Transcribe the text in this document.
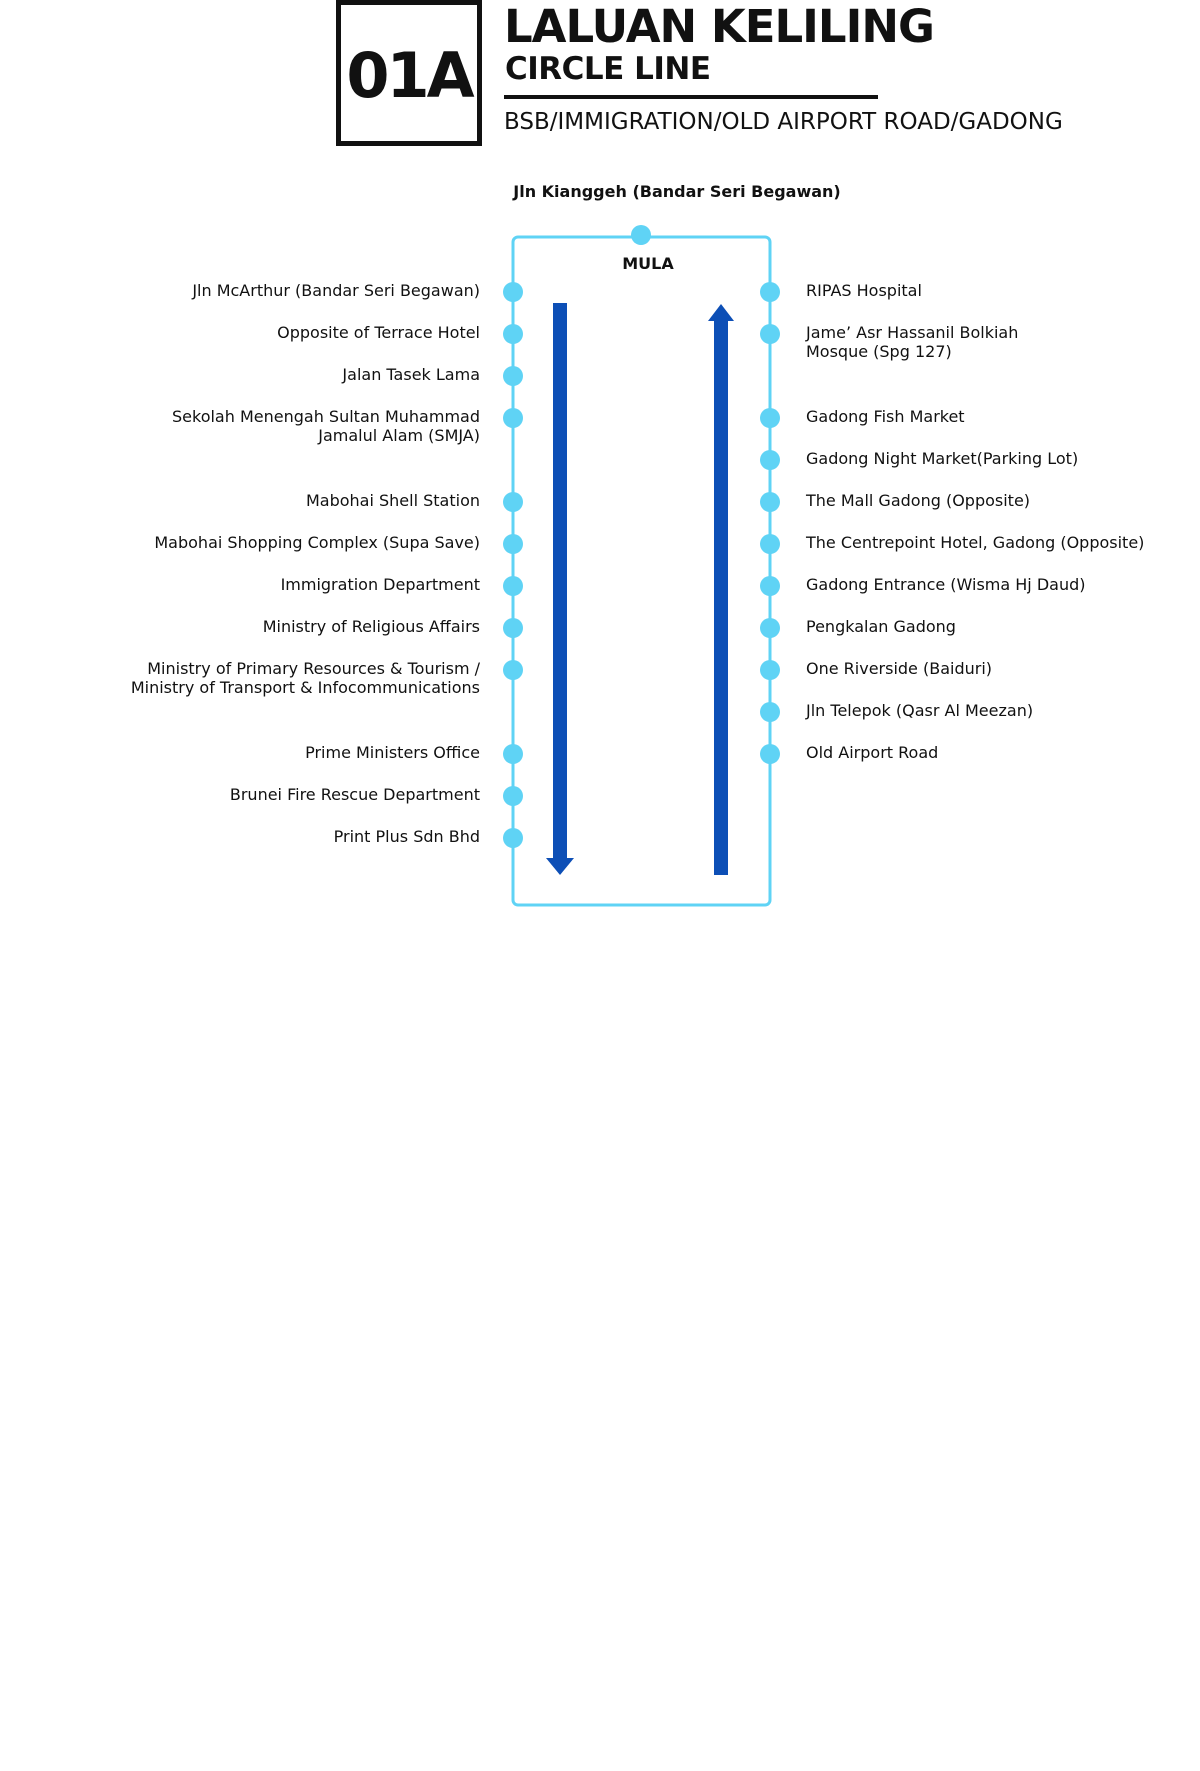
01A
LALUAN KELILING
CIRCLE LINE
BSB/IMMIGRATION/OLD AIRPORT ROAD/GADONG
Jln Kianggeh (Bandar Seri Begawan)
MULA
Jln McArthur (Bandar Seri Begawan)
Opposite of Terrace Hotel
Jalan Tasek Lama
Sekolah Menengah Sultan Muhammad
Jamalul Alam (SMJA)
Mabohai Shell Station
Mabohai Shopping Complex (Supa Save)
Immigration Department
Ministry of Religious Affairs
Ministry of Primary Resources & Tourism /
Ministry of Transport & Infocommunications
Prime Ministers Office
Brunei Fire Rescue Department
Print Plus Sdn Bhd
RIPAS Hospital
Jame’ Asr Hassanil Bolkiah
Mosque (Spg 127)
Gadong Fish Market
Gadong Night Market(Parking Lot)
The Mall Gadong (Opposite)
The Centrepoint Hotel, Gadong (Opposite)
Gadong Entrance (Wisma Hj Daud)
Pengkalan Gadong
One Riverside (Baiduri)
Jln Telepok (Qasr Al Meezan)
Old Airport Road
